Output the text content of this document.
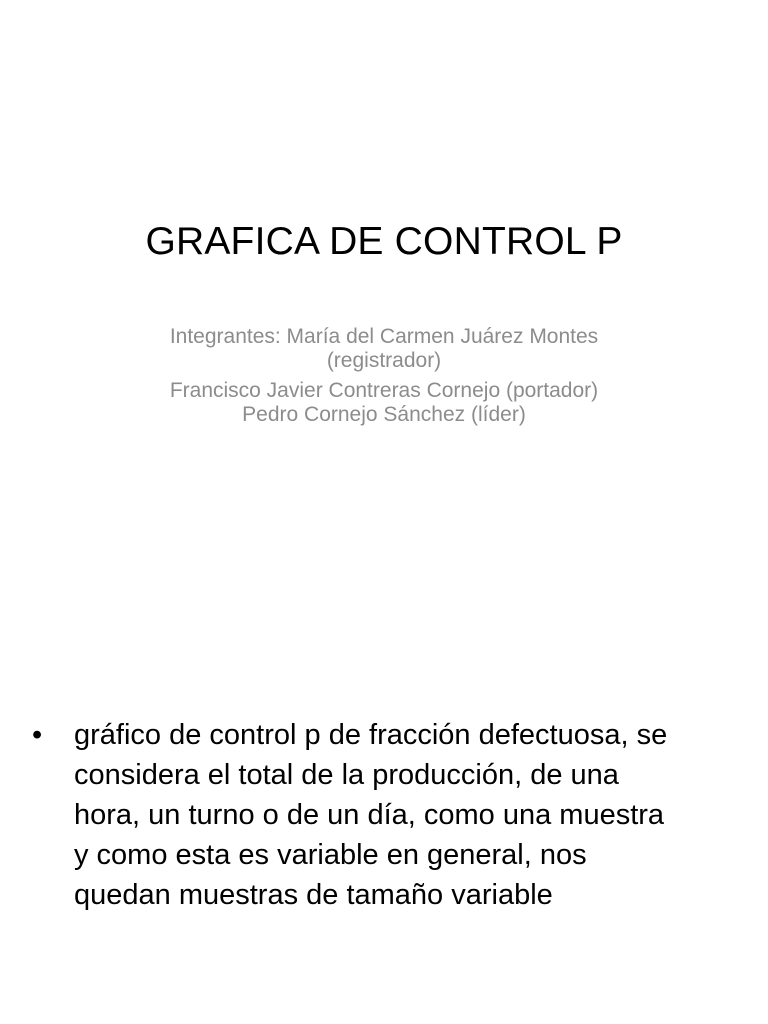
GRAFICA DE CONTROL P
Integrantes: María del Carmen Juárez Montes
(registrador)
Francisco Javier Contreras Cornejo (portador)
Pedro Cornejo Sánchez (líder)
• gráfico de control p de fracción defectuosa, se
considera el total de la producción, de una
hora, un turno o de un día, como una muestra
y como esta es variable en general, nos
quedan muestras de tamaño variable
